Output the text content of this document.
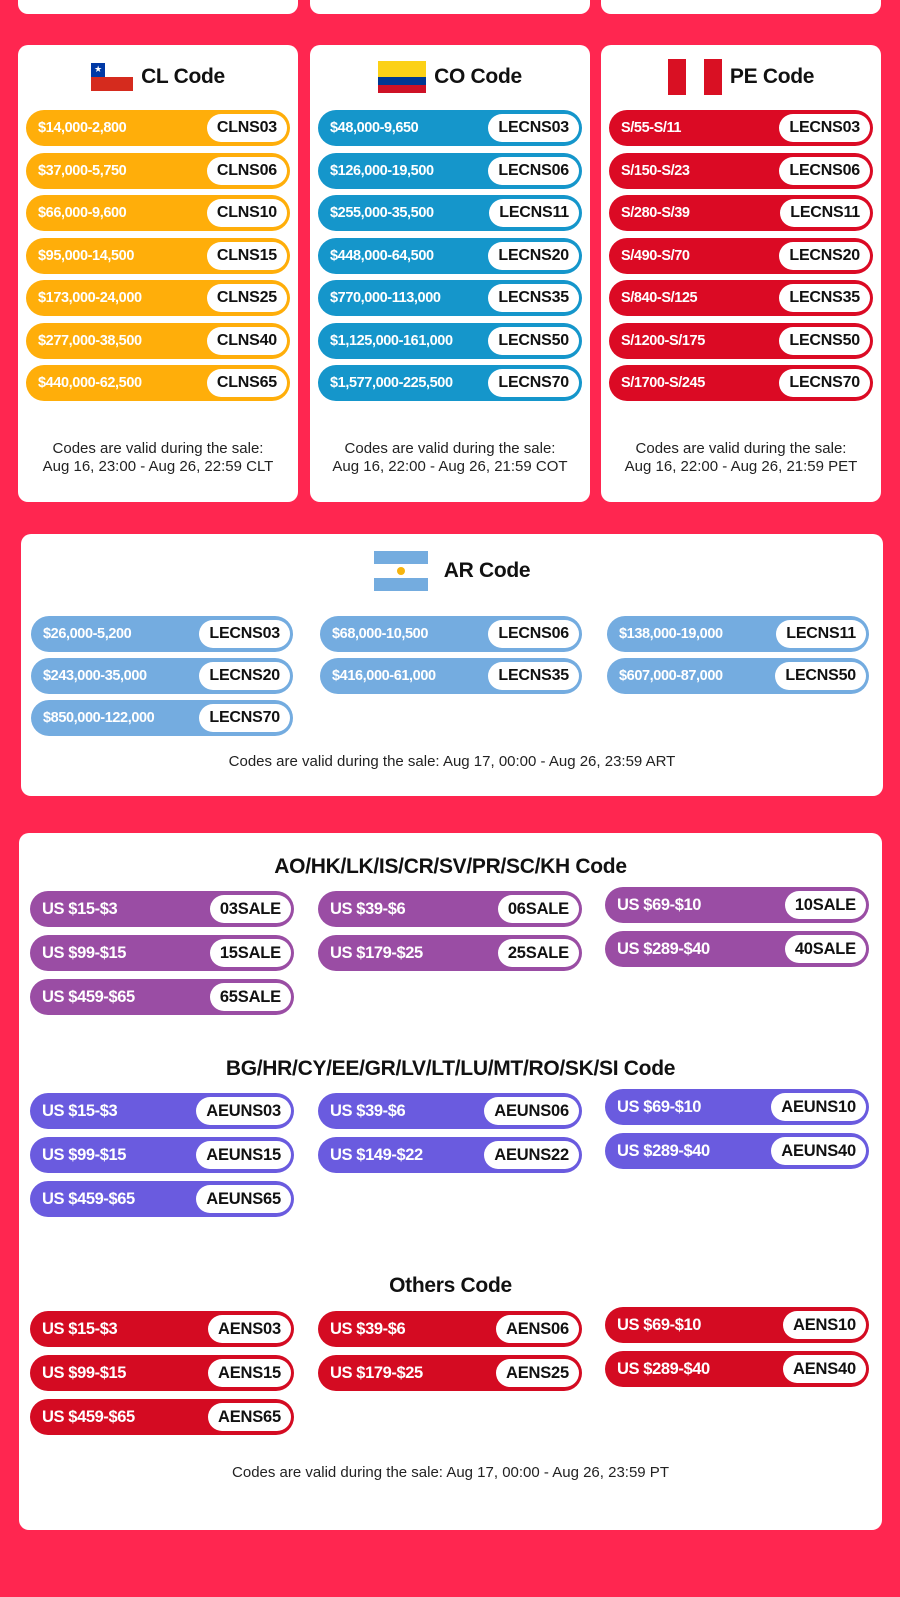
★ CL Code
$14,000-2,800	CLNS03
$37,000-5,750	CLNS06
$66,000-9,600	CLNS10
$95,000-14,500	CLNS15
$173,000-24,000	CLNS25
$277,000-38,500	CLNS40
$440,000-62,500	CLNS65
Codes are valid during the sale:
Aug 16, 23:00 - Aug 26, 22:59 CLT
CO Code
$48,000-9,650	LECNS03
$126,000-19,500	LECNS06
$255,000-35,500	LECNS11
$448,000-64,500	LECNS20
$770,000-113,000	LECNS35
$1,125,000-161,000	LECNS50
$1,577,000-225,500	LECNS70
Codes are valid during the sale:
Aug 16, 22:00 - Aug 26, 21:59 COT
PE Code
S/55-S/11	LECNS03
S/150-S/23	LECNS06
S/280-S/39	LECNS11
S/490-S/70	LECNS20
S/840-S/125	LECNS35
S/1200-S/175	LECNS50
S/1700-S/245	LECNS70
Codes are valid during the sale:
Aug 16, 22:00 - Aug 26, 21:59 PET
AR Code
$26,000-5,200	LECNS03	$68,000-10,500	LECNS06	$138,000-19,000	LECNS11
$243,000-35,000	LECNS20	$416,000-61,000	LECNS35	$607,000-87,000	LECNS50
$850,000-122,000	LECNS70
Codes are valid during the sale: Aug 17, 00:00 - Aug 26, 23:59 ART
AO/HK/LK/IS/CR/SV/PR/SC/KH Code
US $15-$3	03SALE	US $39-$6	06SALE	US $69-$10	10SALE
US $99-$15	15SALE	US $179-$25	25SALE	US $289-$40	40SALE
US $459-$65	65SALE
BG/HR/CY/EE/GR/LV/LT/LU/MT/RO/SK/SI Code
US $15-$3	AEUNS03	US $39-$6	AEUNS06	US $69-$10	AEUNS10
US $99-$15	AEUNS15	US $149-$22	AEUNS22	US $289-$40	AEUNS40
US $459-$65	AEUNS65
Others Code
US $15-$3	AENS03	US $39-$6	AENS06	US $69-$10	AENS10
US $99-$15	AENS15	US $179-$25	AENS25	US $289-$40	AENS40
US $459-$65	AENS65
Codes are valid during the sale: Aug 17, 00:00 - Aug 26, 23:59 PT
